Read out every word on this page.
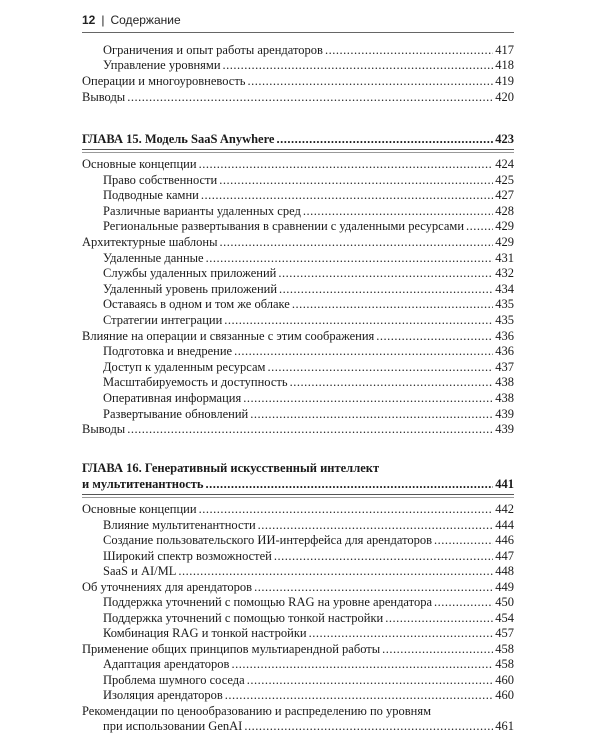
12 | Содержание
Ограничения и опыт работы арендаторов .....	417
Управление уровнями .....	418
Операции и многоуровневость .....	419
Выводы .....	420
ГЛАВА 15. Модель SaaS Anywhere .....	423
Основные концепции .....	424
Право собственности .....	425
Подводные камни .....	427
Различные варианты удаленных сред .....	428
Региональные развертывания в сравнении с удаленными ресурсами ..... 429
Архитектурные шаблоны .....	429
Удаленные данные .....	431
Службы удаленных приложений .....	432
Удаленный уровень приложений .....	434
Оставаясь в одном и том же облаке .....	435
Стратегии интеграции .....	435
Влияние на операции и связанные с этим соображения .....	436
Подготовка и внедрение .....	436
Доступ к удаленным ресурсам .....	437
Масштабируемость и доступность .....	438
Оперативная информация .....	438
Развертывание обновлений .....	439
Выводы .....	439
ГЛАВА 16. Генеративный искусственный интеллект
и мультитенантность .....	441
Основные концепции .....	442
Влияние мультитенантности .....	444
Создание пользовательского ИИ-интерфейса для арендаторов .....	446
Широкий спектр возможностей .....	447
SaaS и AI/ML .....	448
Об уточнениях для арендаторов .....	449
Поддержка уточнений с помощью RAG на уровне арендатора .....	450
Поддержка уточнений с помощью тонкой настройки .....	454
Комбинация RAG и тонкой настройки .....	457
Применение общих принципов мультиарендной работы .....	458
Адаптация арендаторов .....	458
Проблема шумного соседа .....	460
Изоляция арендаторов .....	460
Рекомендации по ценообразованию и распределению по уровням
при использовании GenAI .....	461
